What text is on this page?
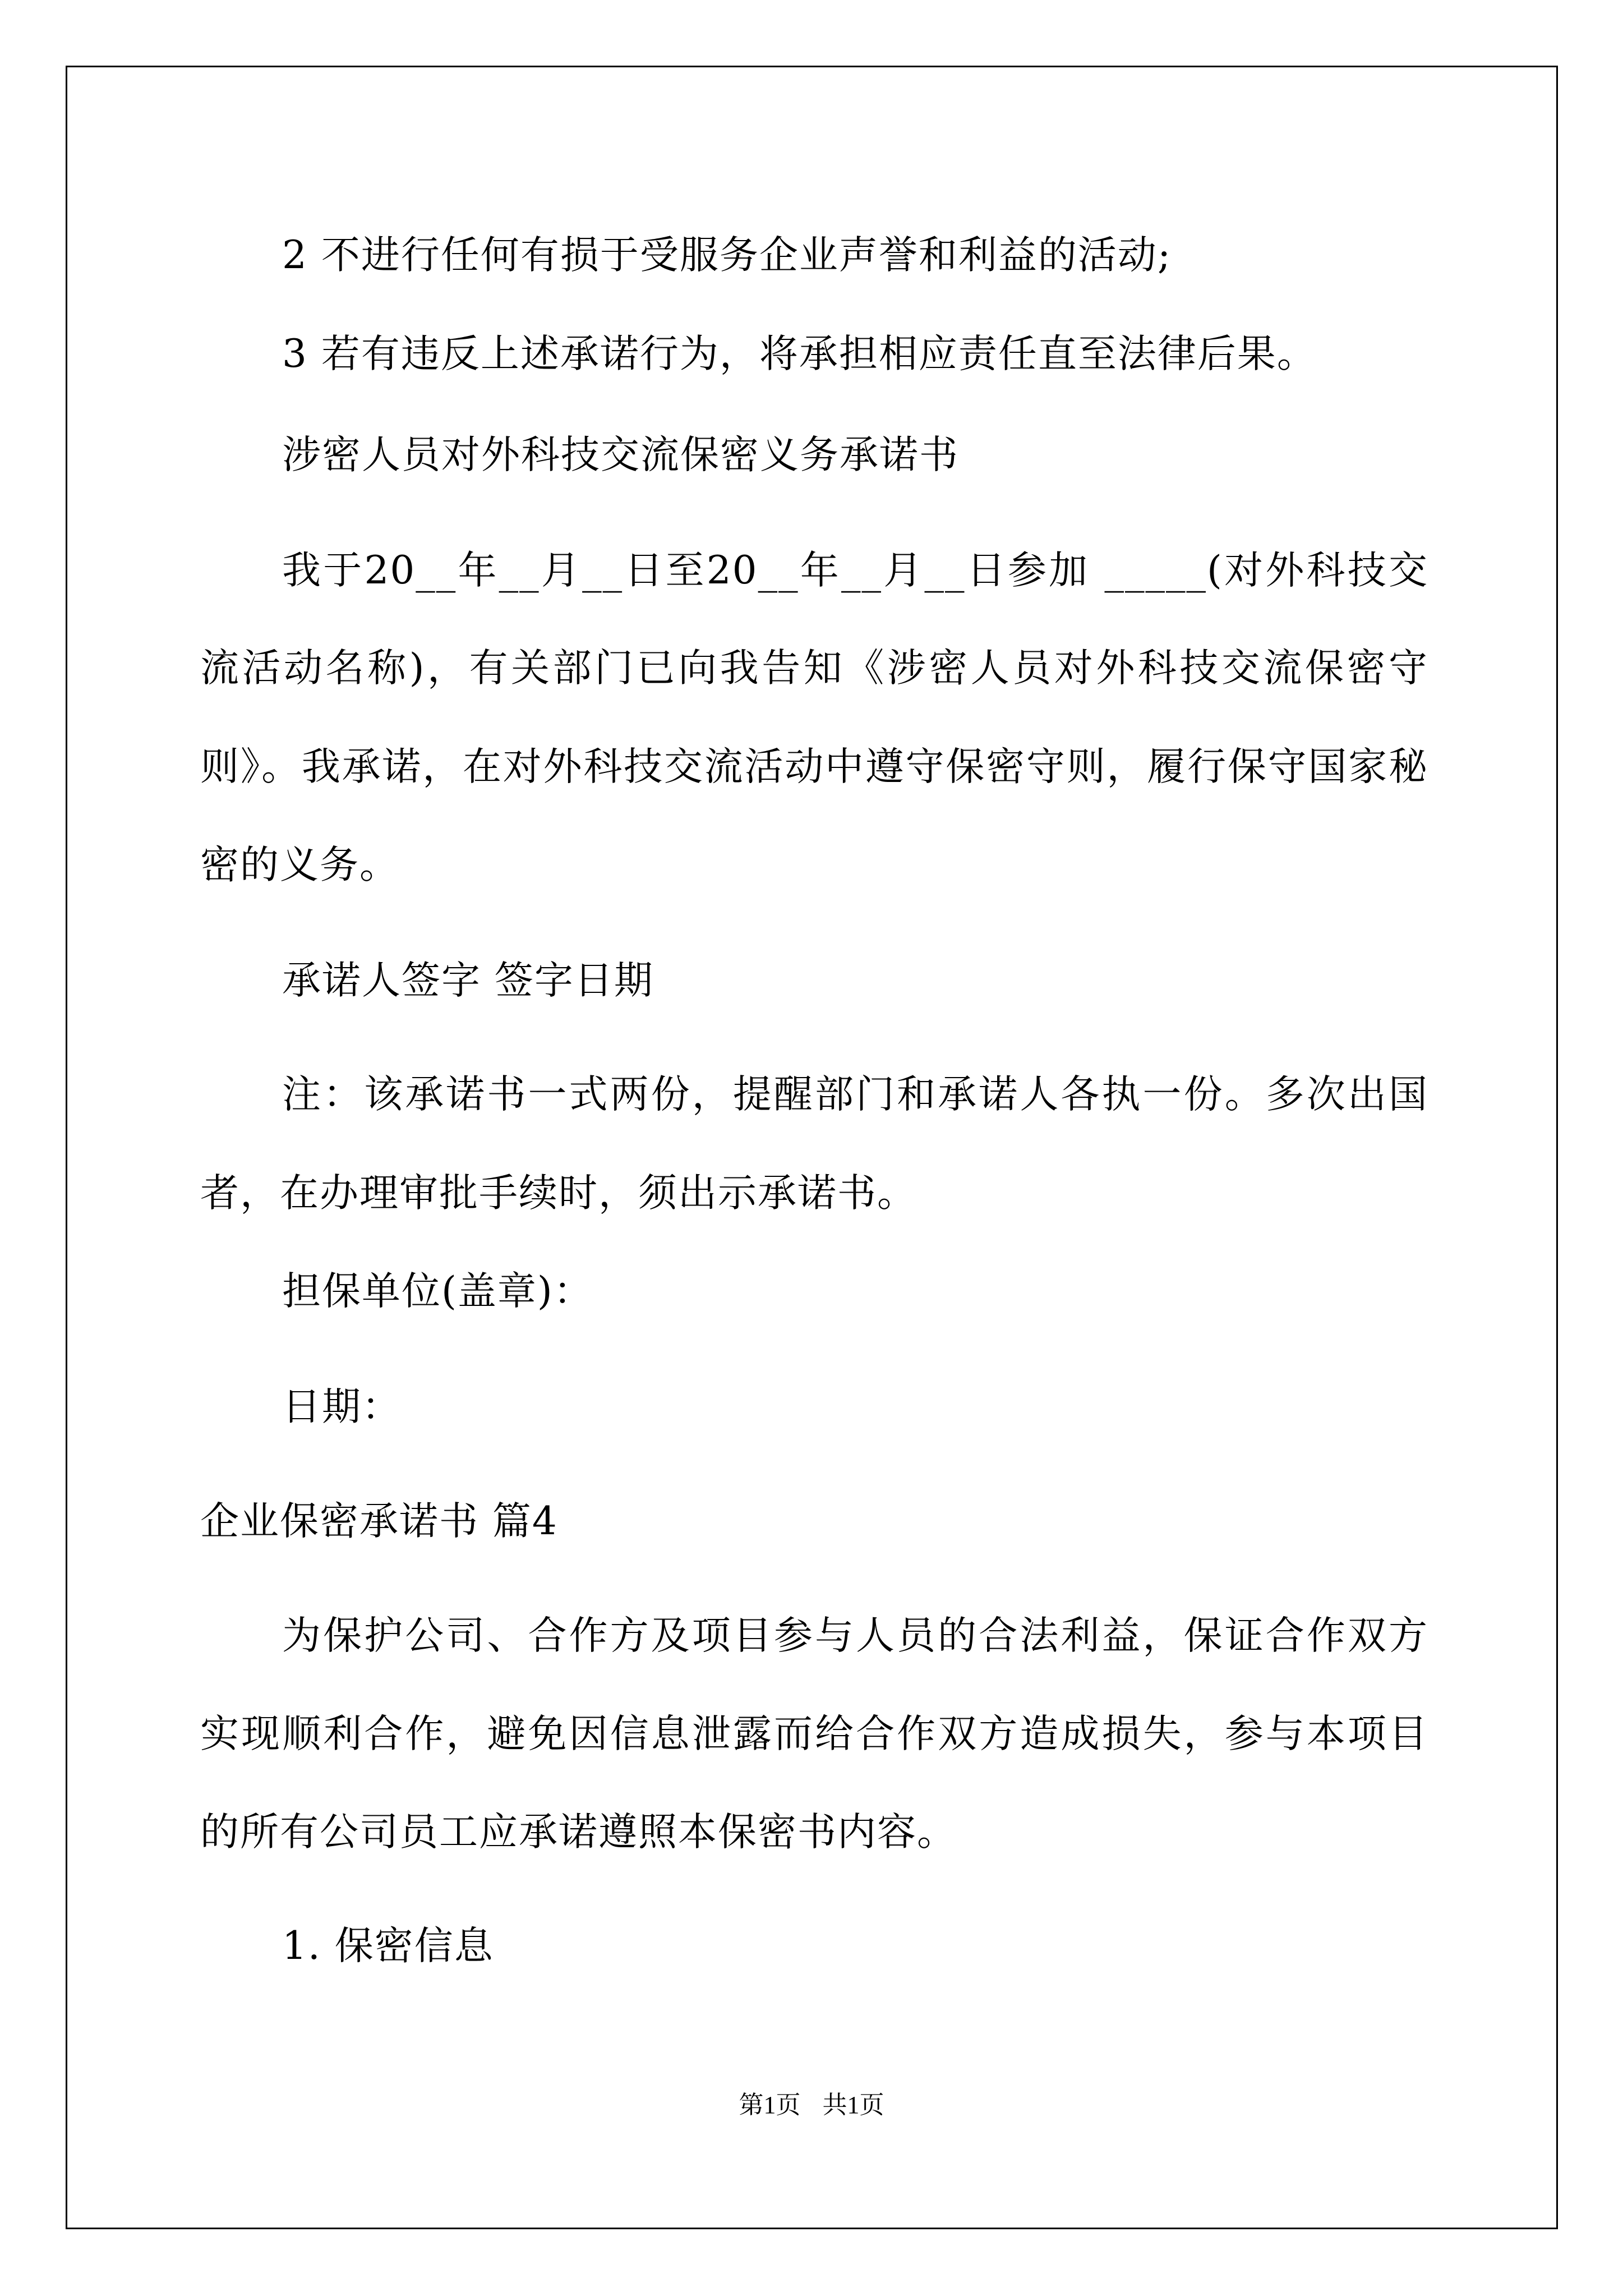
2 不进行任何有损于受服务企业声誉和利益的活动;
3 若有违反上述承诺行为，将承担相应责任直至法律后果。
涉密人员对外科技交流保密义务承诺书
我于20__年__月__日至20__年__月__日参加 _____(对外科技交
流活动名称)，有关部门已向我告知《涉密人员对外科技交流保密守
则》。我承诺，在对外科技交流活动中遵守保密守则，履行保守国家秘
密的义务。
承诺人签字 签字日期
注：该承诺书一式两份，提醒部门和承诺人各执一份。多次出国
者，在办理审批手续时，须出示承诺书。
担保单位(盖章)：
日期：
企业保密承诺书 篇4
为保护公司、合作方及项目参与人员的合法利益，保证合作双方
实现顺利合作，避免因信息泄露而给合作双方造成损失，参与本项目
的所有公司员工应承诺遵照本保密书内容。
1. 保密信息
第1页 共1页
